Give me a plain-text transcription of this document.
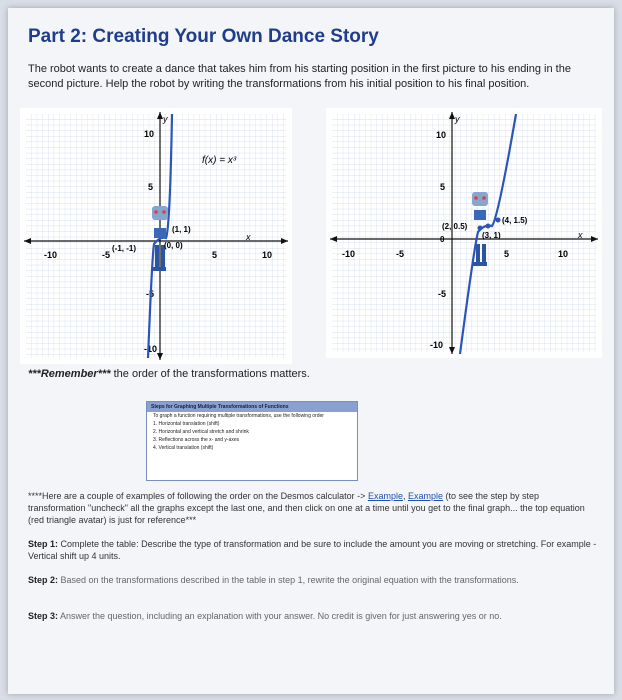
Part 2: Creating Your Own Dance Story
The robot wants to create a dance that takes him from his starting position in the first picture to his ending in the second picture. Help the robot by writing the transformations from his initial position to his final position.
x
y
-10	-5	5	10
10
5
-5
-10
f(x) = x³
(1, 1)
(-1, -1)	(0, 0)
x
y
-10	-5	5	10
10
5
-5
-10
0
(4, 1.5)
(2, 0.5)
(3, 1)
***Remember*** the order of the transformations matters.
Steps for Graphing Multiple Transformations of Functions
To graph a function requiring multiple transformations, use the following order
1. Horizontal translation (shift)
2. Horizontal and vertical stretch and shrink
3. Reflections across the x- and y-axes
4. Vertical translation (shift)
****Here are a couple of examples of following the order on the Desmos calculator -> Example, Example (to see the step by step transformation "uncheck" all the graphs except the last one, and then click on one at a time until you get to the final graph... the top equation (red triangle avatar) is just for reference***
Step 1: Complete the table: Describe the type of transformation and be sure to include the amount you are moving or stretching. For example - Vertical shift up 4 units.
Step 2: Based on the transformations described in the table in step 1, rewrite the original equation with the transformations.
Step 3: Answer the question, including an explanation with your answer. No credit is given for just answering yes or no.
